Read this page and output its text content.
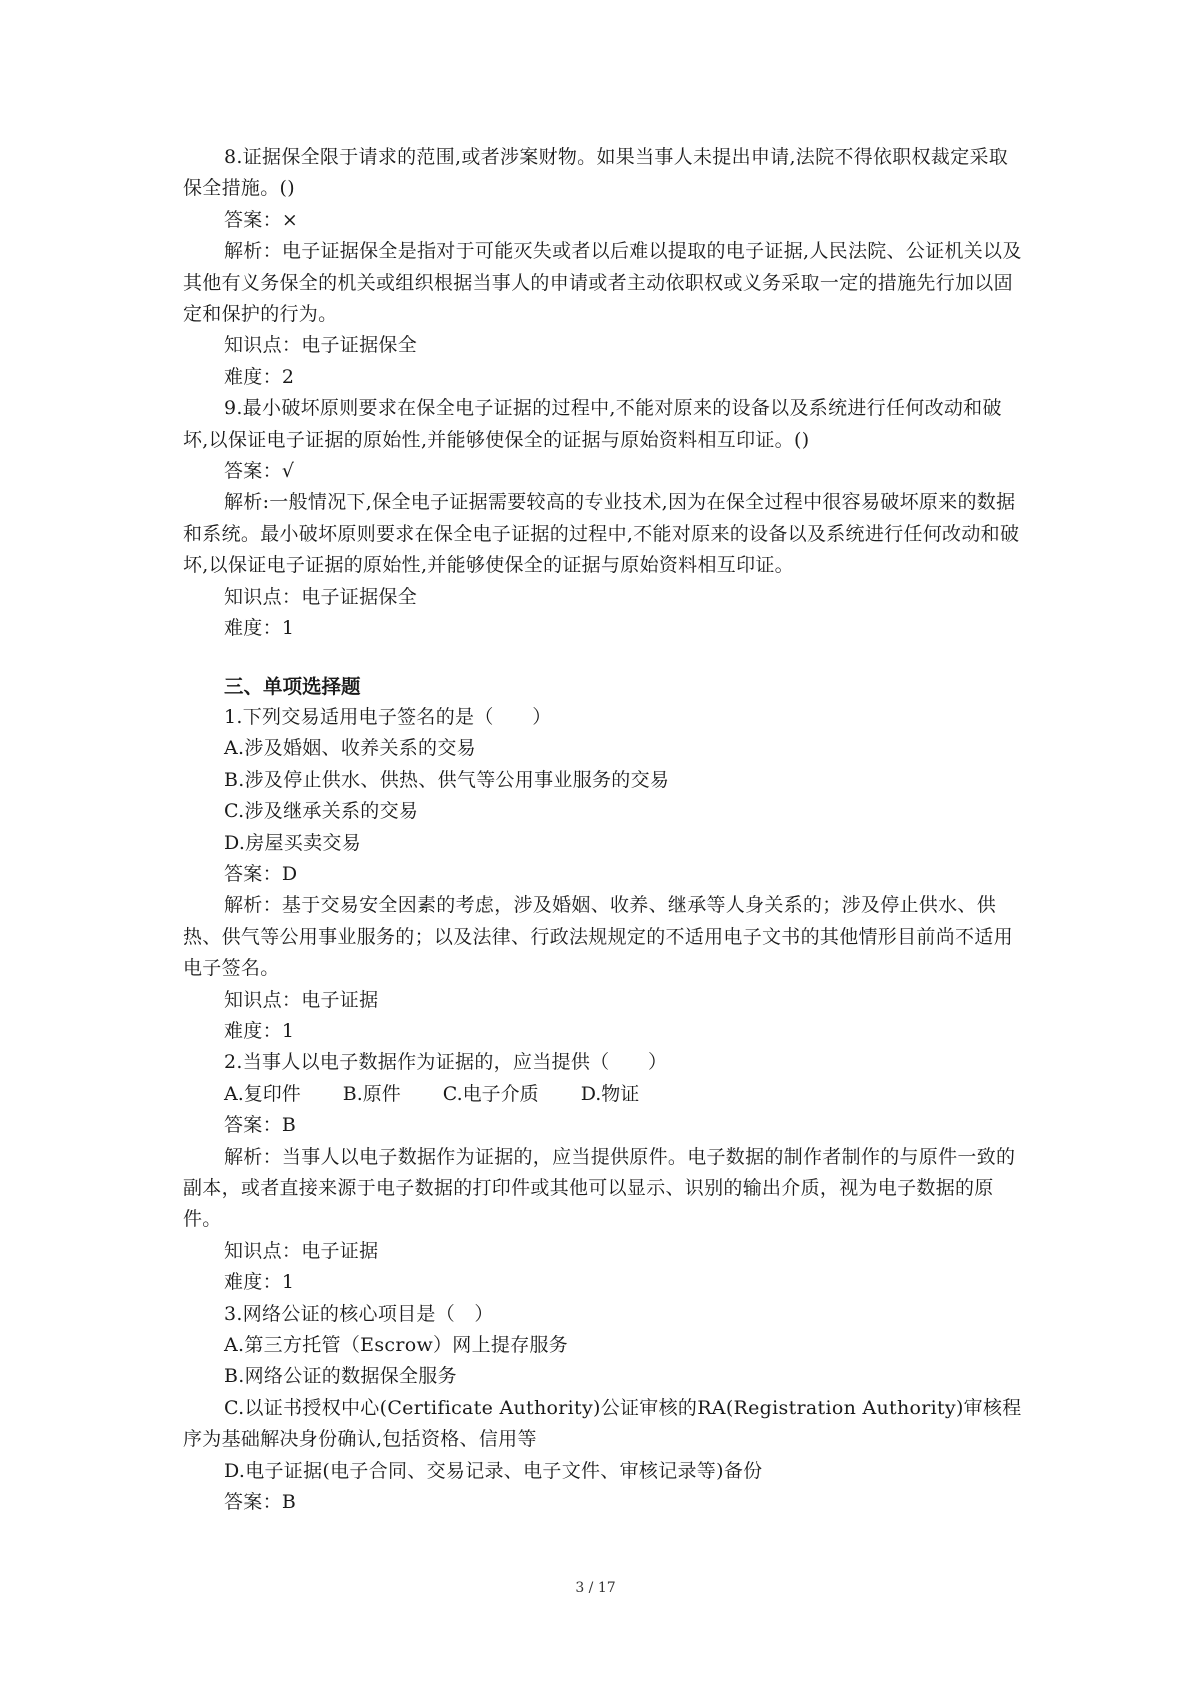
8.证据保全限于请求的范围,或者涉案财物。如果当事人未提出申请,法院不得依职权裁定采取保全措施。()

答案：×

解析：电子证据保全是指对于可能灭失或者以后难以提取的电子证据,人民法院、公证机关以及其他有义务保全的机关或组织根据当事人的申请或者主动依职权或义务采取一定的措施先行加以固定和保护的行为。

知识点：电子证据保全

难度：2

9.最小破坏原则要求在保全电子证据的过程中,不能对原来的设备以及系统进行任何改动和破坏,以保证电子证据的原始性,并能够使保全的证据与原始资料相互印证。()

答案：√

解析:一般情况下,保全电子证据需要较高的专业技术,因为在保全过程中很容易破坏原来的数据和系统。最小破坏原则要求在保全电子证据的过程中,不能对原来的设备以及系统进行任何改动和破坏,以保证电子证据的原始性,并能够使保全的证据与原始资料相互印证。

知识点：电子证据保全

难度：1

三、单项选择题

1.下列交易适用电子签名的是（　　）

A.涉及婚姻、收养关系的交易

B.涉及停止供水、供热、供气等公用事业服务的交易

C.涉及继承关系的交易

D.房屋买卖交易

答案：D

解析：基于交易安全因素的考虑，涉及婚姻、收养、继承等人身关系的；涉及停止供水、供热、供气等公用事业服务的；以及法律、行政法规规定的不适用电子文书的其他情形目前尚不适用电子签名。

知识点：电子证据

难度：1

2.当事人以电子数据作为证据的，应当提供（　　）

A.复印件 B.原件 C.电子介质 D.物证

答案：B

解析：当事人以电子数据作为证据的，应当提供原件。电子数据的制作者制作的与原件一致的副本，或者直接来源于电子数据的打印件或其他可以显示、识别的输出介质，视为电子数据的原件。

知识点：电子证据

难度：1

3.网络公证的核心项目是（　）

A.第三方托管（Escrow）网上提存服务

B.网络公证的数据保全服务

C.以证书授权中心(Certificate Authority)公证审核的RA(Registration Authority)审核程序为基础解决身份确认,包括资格、信用等

D.电子证据(电子合同、交易记录、电子文件、审核记录等)备份

答案：B

3 / 17
